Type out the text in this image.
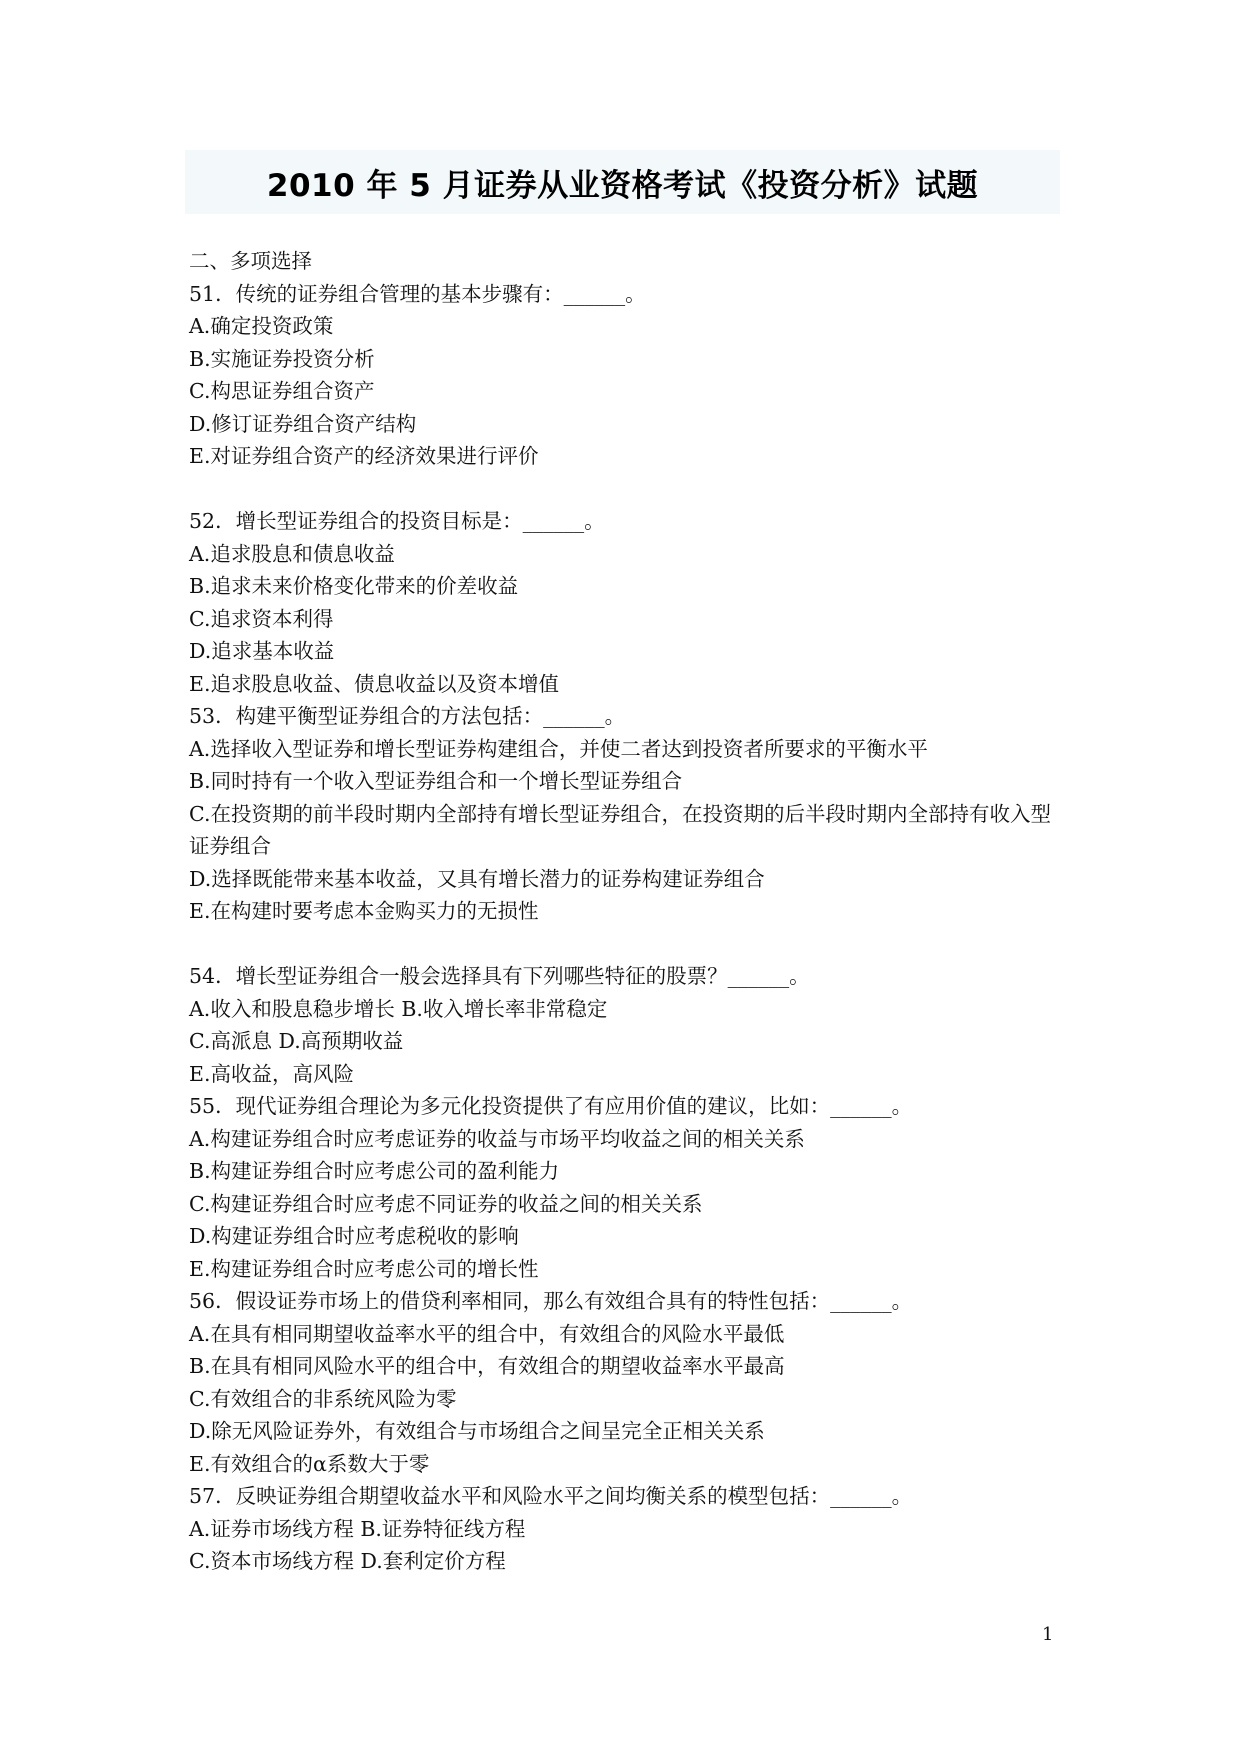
2010 年 5 月证券从业资格考试《投资分析》试题
二、多项选择
51．传统的证券组合管理的基本步骤有：______。
A.确定投资政策
B.实施证券投资分析
C.构思证券组合资产
D.修订证券组合资产结构
E.对证券组合资产的经济效果进行评价
52．增长型证券组合的投资目标是：______。
A.追求股息和债息收益
B.追求未来价格变化带来的价差收益
C.追求资本利得
D.追求基本收益
E.追求股息收益、债息收益以及资本增值
53．构建平衡型证券组合的方法包括：______。
A.选择收入型证券和增长型证券构建组合，并使二者达到投资者所要求的平衡水平
B.同时持有一个收入型证券组合和一个增长型证券组合
C.在投资期的前半段时期内全部持有增长型证券组合，在投资期的后半段时期内全部持有收入型证券组合
D.选择既能带来基本收益，又具有增长潜力的证券构建证券组合
E.在构建时要考虑本金购买力的无损性
54．增长型证券组合一般会选择具有下列哪些特征的股票？______。
A.收入和股息稳步增长 B.收入增长率非常稳定
C.高派息 D.高预期收益
E.高收益，高风险
55．现代证券组合理论为多元化投资提供了有应用价值的建议，比如：______。
A.构建证券组合时应考虑证券的收益与市场平均收益之间的相关关系
B.构建证券组合时应考虑公司的盈利能力
C.构建证券组合时应考虑不同证券的收益之间的相关关系
D.构建证券组合时应考虑税收的影响
E.构建证券组合时应考虑公司的增长性
56．假设证券市场上的借贷利率相同，那么有效组合具有的特性包括：______。
A.在具有相同期望收益率水平的组合中，有效组合的风险水平最低
B.在具有相同风险水平的组合中，有效组合的期望收益率水平最高
C.有效组合的非系统风险为零
D.除无风险证券外，有效组合与市场组合之间呈完全正相关关系
E.有效组合的α系数大于零
57．反映证券组合期望收益水平和风险水平之间均衡关系的模型包括：______。
A.证券市场线方程 B.证券特征线方程
C.资本市场线方程 D.套利定价方程
1
